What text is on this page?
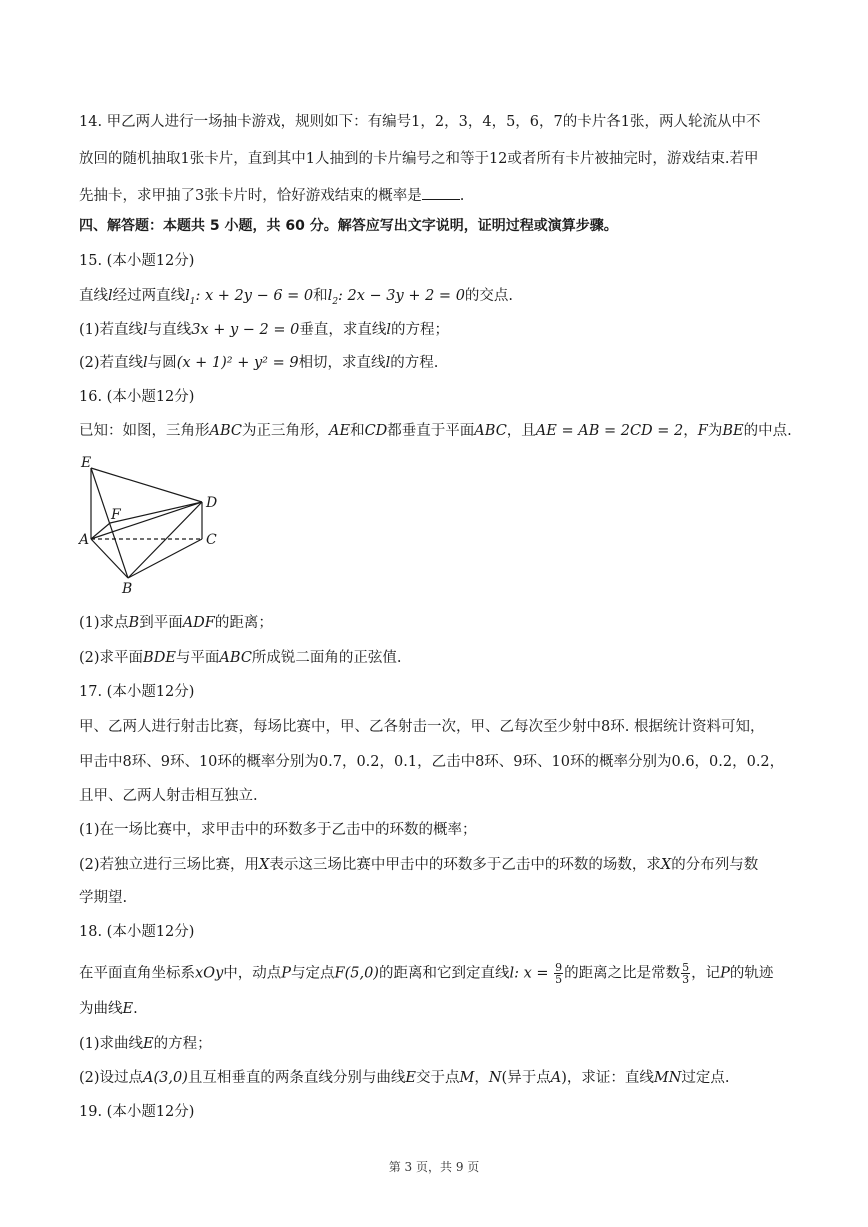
14. 甲乙两人进行一场抽卡游戏，规则如下：有编号1，2，3，4，5，6，7的卡片各1张，两人轮流从中不
放回的随机抽取1张卡片，直到其中1人抽到的卡片编号之和等于12或者所有卡片被抽完时，游戏结束.若甲
先抽卡，求甲抽了3张卡片时，恰好游戏结束的概率是	.
四、解答题：本题共 5 小题，共 60 分。解答应写出文字说明，证明过程或演算步骤。
15. (本小题12分)
直线l经过两直线$l_1$: x + 2y − 6 = 0和$l_2$: 2x − 3y + 2 = 0的交点.
(1)若直线l与直线3x + y − 2 = 0垂直，求直线l的方程；
(2)若直线l与圆(x + 1)² + y² = 9相切，求直线l的方程.
16. (本小题12分)
已知：如图，三角形ABC为正三角形，AE和CD都垂直于平面ABC，且AE = AB = 2CD = 2，F为BE的中点.
E
D
F
A	C
B
(1)求点B到平面ADF的距离；
(2)求平面BDE与平面ABC所成锐二面角的正弦值.
17. (本小题12分)
甲、乙两人进行射击比赛，每场比赛中，甲、乙各射击一次，甲、乙每次至少射中8环. 根据统计资料可知，
甲击中8环、9环、10环的概率分别为0.7，0.2，0.1，乙击中8环、9环、10环的概率分别为0.6，0.2，0.2，
且甲、乙两人射击相互独立.
(1)在一场比赛中，求甲击中的环数多于乙击中的环数的概率；
(2)若独立进行三场比赛，用X表示这三场比赛中甲击中的环数多于乙击中的环数的场数，求X的分布列与数
学期望.
18. (本小题12分)
在平面直角坐标系xOy中，动点P与定点F(5,0)的距离和它到定直线l: $x = \frac{9}{5}$ 的距离之比是常数 $\frac{5}{3}$ ，记P的轨迹
为曲线E.
(1)求曲线E的方程；
(2)设过点A(3,0)且互相垂直的两条直线分别与曲线E交于点M，N(异于点A)，求证：直线MN过定点.
19. (本小题12分)
第 3 页，共 9 页
